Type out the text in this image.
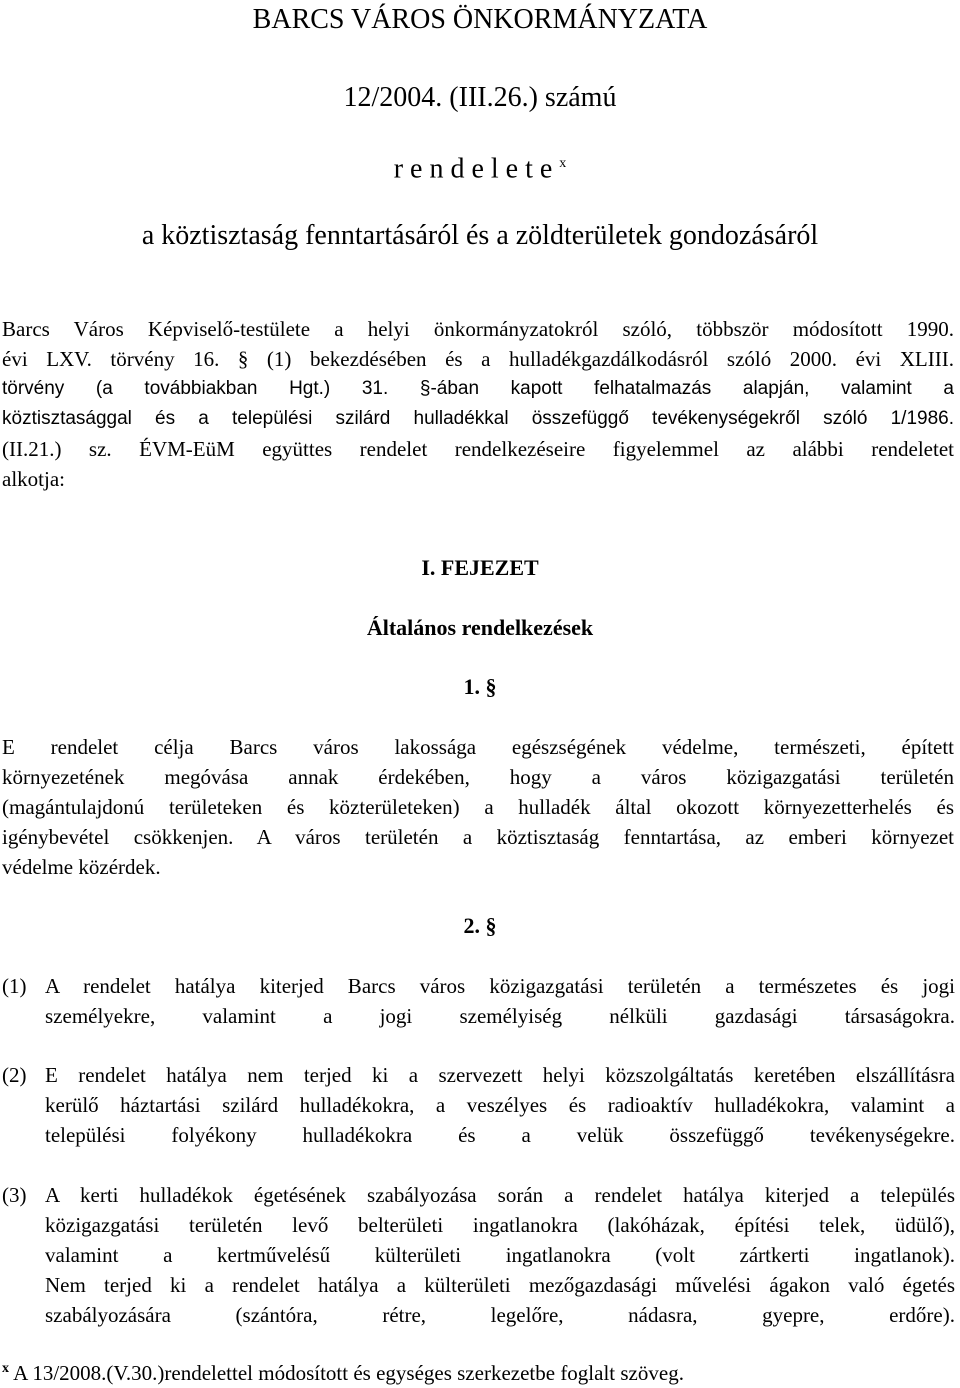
BARCS VÁROS ÖNKORMÁNYZATA
12/2004. (III.26.) számú
r e n d e l e t e $^x$
a köztisztaság fenntartásáról és a zöldterületek gondozásáról
Barcs Város Képviselő-testülete a helyi önkormányzatokról szóló, többször módosított 1990.
évi LXV. törvény 16. § (1) bekezdésében és a hulladékgazdálkodásról szóló 2000. évi XLIII.
törvény (a továbbiakban Hgt.) 31. §-ában kapott felhatalmazás alapján, valamint a
köztisztasággal és a települési szilárd hulladékkal összefüggő tevékenységekről szóló 1/1986.
(II.21.) sz. ÉVM-EüM együttes rendelet rendelkezéseire figyelemmel az alábbi rendeletet
alkotja:
I. FEJEZET
Általános rendelkezések
1. §
E rendelet célja Barcs város lakossága egészségének védelme, természeti, épített
környezetének megóvása annak érdekében, hogy a város közigazgatási területén
(magántulajdonú területeken és közterületeken) a hulladék által okozott környezetterhelés és
igénybevétel csökkenjen. A város területén a köztisztaság fenntartása, az emberi környezet
védelme közérdek.
2. §
(1) A rendelet hatálya kiterjed Barcs város közigazgatási területén a természetes és jogi
személyekre, valamint a jogi személyiség nélküli gazdasági társaságokra.
(2) E rendelet hatálya nem terjed ki a szervezett helyi közszolgáltatás keretében elszállításra
kerülő háztartási szilárd hulladékokra, a veszélyes és radioaktív hulladékokra, valamint a
települési folyékony hulladékokra és a velük összefüggő tevékenységekre.
(3) A kerti hulladékok égetésének szabályozása során a rendelet hatálya kiterjed a település
közigazgatási területén levő belterületi ingatlanokra (lakóházak, építési telek, üdülő),
valamint a kertművelésű külterületi ingatlanokra (volt zártkerti ingatlanok).
Nem terjed ki a rendelet hatálya a külterületi mezőgazdasági művelési ágakon való égetés
szabályozására (szántóra, rétre, legelőre, nádasra, gyepre, erdőre).
$^x$ A 13/2008.(V.30.)rendelettel módosított és egységes szerkezetbe foglalt szöveg.
